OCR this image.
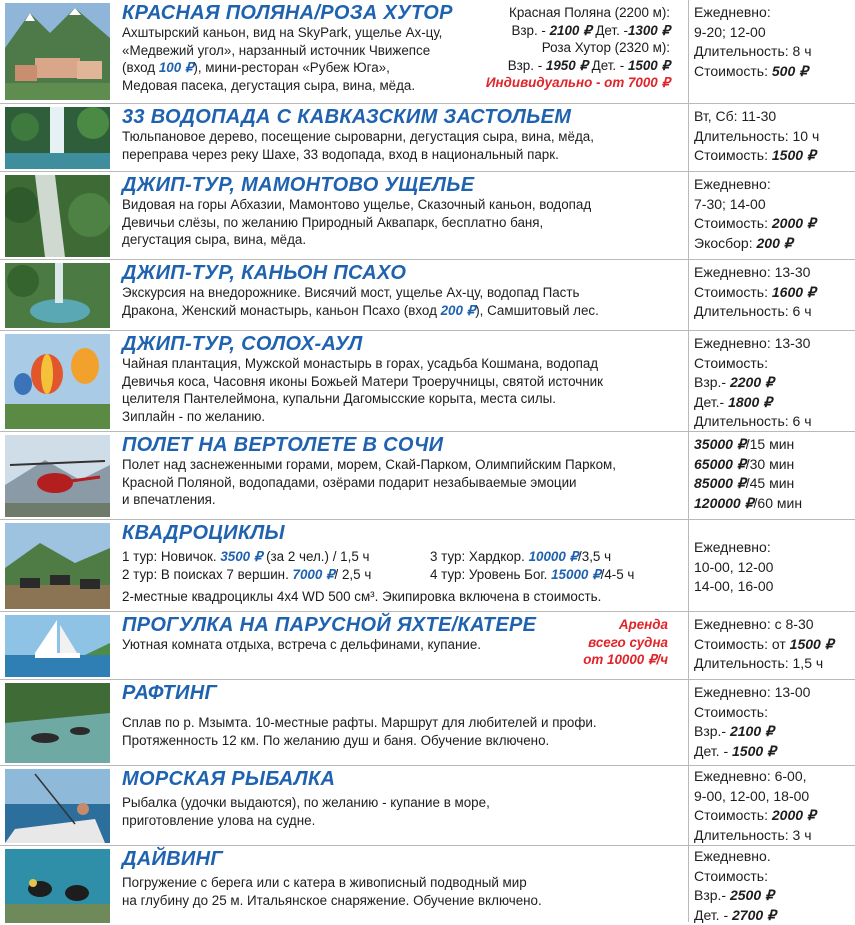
КРАСНАЯ ПОЛЯНА/РОЗА ХУТОР
Ахштырский каньон, вид на SkyPark, ущелье Ах-цу,
«Медвежий угол», нарзанный источник Чвижепсе
(вход 100 ₽), мини-ресторан «Рубеж Юга»,
Медовая пасека, дегустация сыра, вина, мёда.
Красная Поляна (2200 м):
Взр. - 2100 ₽ Дет. -1300 ₽
Роза Хутор (2320 м):
Взр. - 1950 ₽ Дет. - 1500 ₽
Индивидуально - от 7000 ₽
Ежедневно:
9-20; 12-00
Длительность: 8 ч
Стоимость: 500 ₽
33 ВОДОПАДА С КАВКАЗСКИМ ЗАСТОЛЬЕМ
Тюльпановое дерево, посещение сыроварни, дегустация сыра, вина, мёда,
переправа через реку Шахе, 33 водопада, вход в национальный парк.
Вт, Сб: 11-30
Длительность: 10 ч
Стоимость: 1500 ₽
ДЖИП-ТУР, МАМОНТОВО УЩЕЛЬЕ
Видовая на горы Абхазии, Мамонтово ущелье, Сказочный каньон, водопад
Девичьи слёзы, по желанию Природный Аквапарк, бесплатно баня,
дегустация сыра, вина, мёда.
Ежедневно:
7-30; 14-00
Стоимость: 2000 ₽
Экосбор: 200 ₽
ДЖИП-ТУР, КАНЬОН ПСАХО
Экскурсия на внедорожнике. Висячий мост, ущелье Ах-цу, водопад Пасть
Дракона, Женский монастырь, каньон Псахо (вход 200 ₽), Самшитовый лес.
Ежедневно: 13-30
Стоимость: 1600 ₽
Длительность: 6 ч
ДЖИП-ТУР, СОЛОХ-АУЛ
Чайная плантация, Мужской монастырь в горах, усадьба Кошмана, водопад
Девичья коса, Часовня иконы Божьей Матери Троеручницы, святой источник
целителя Пантелеймона, купальни Дагомысские корыта, места силы.
Зиплайн - по желанию.
Ежедневно: 13-30
Стоимость:
Взр.- 2200 ₽
Дет.- 1800 ₽
Длительность: 6 ч
ПОЛЕТ НА ВЕРТОЛЕТЕ В СОЧИ
Полет над заснеженными горами, морем, Скай-Парком, Олимпийским Парком,
Красной Поляной, водопадами, озёрами подарит незабываемые эмоции
и впечатления.
35000 ₽/15 мин
65000 ₽/30 мин
85000 ₽/45 мин
120000 ₽/60 мин
КВАДРОЦИКЛЫ
1 тур: Новичок. 3500 ₽ (за 2 чел.) / 1,5 ч
2 тур: В поисках 7 вершин. 7000 ₽/ 2,5 ч
3 тур: Хардкор. 10000 ₽/3,5 ч
4 тур: Уровень Бог. 15000 ₽/4-5 ч
2-местные квадроциклы 4x4 WD 500 см³. Экипировка включена в стоимость.
Ежедневно:
10-00, 12-00
14-00, 16-00
ПРОГУЛКА НА ПАРУСНОЙ ЯХТЕ/КАТЕРЕ
Уютная комната отдыха, встреча с дельфинами, купание.
Аренда
всего судна
от 10000 ₽/ч
Ежедневно: с 8-30
Стоимость: от 1500 ₽
Длительность: 1,5 ч
РАФТИНГ
Сплав по р. Мзымта. 10-местные рафты. Маршрут для любителей и профи.
Протяженность 12 км. По желанию душ и баня. Обучение включено.
Ежедневно: 13-00
Стоимость:
Взр.- 2100 ₽
Дет. - 1500 ₽
МОРСКАЯ РЫБАЛКА
Рыбалка (удочки выдаются), по желанию - купание в море,
приготовление улова на судне.
Ежедневно: 6-00,
9-00, 12-00, 18-00
Стоимость: 2000 ₽
Длительность: 3 ч
ДАЙВИНГ
Погружение с берега или с катера в живописный подводный мир
на глубину до 25 м. Итальянское снаряжение. Обучение включено.
Ежедневно.
Стоимость:
Взр.- 2500 ₽
Дет. - 2700 ₽
